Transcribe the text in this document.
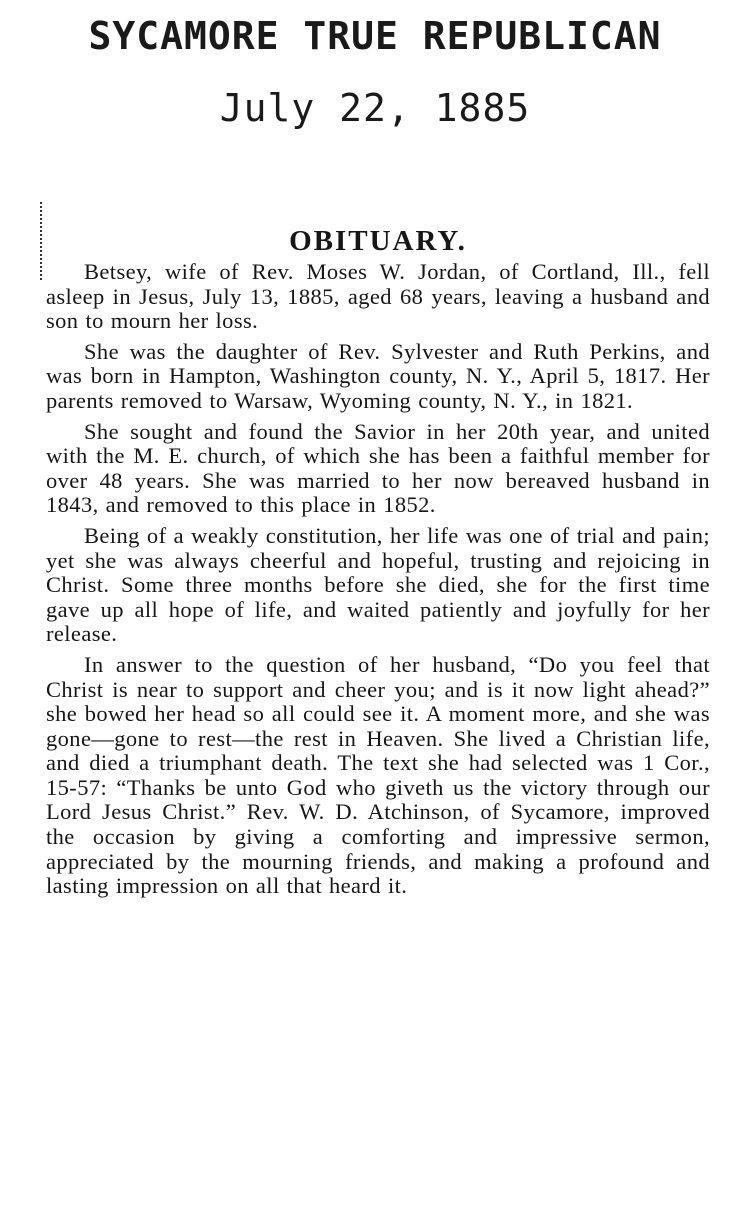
SYCAMORE TRUE REPUBLICAN
July 22, 1885
OBITUARY.

Betsey, wife of Rev. Moses W. Jordan, of Cortland, Ill., fell asleep in Jesus, July 13, 1885, aged 68 years, leaving a husband and son to mourn her loss.

She was the daughter of Rev. Sylvester and Ruth Perkins, and was born in Hampton, Washington county, N. Y., April 5, 1817. Her parents removed to Warsaw, Wyoming county, N. Y., in 1821.

She sought and found the Savior in her 20th year, and united with the M. E. church, of which she has been a faithful member for over 48 years. She was married to her now bereaved husband in 1843, and removed to this place in 1852.

Being of a weakly constitution, her life was one of trial and pain; yet she was always cheerful and hopeful, trusting and rejoicing in Christ. Some three months before she died, she for the first time gave up all hope of life, and waited patiently and joyfully for her release.

In answer to the question of her husband, “Do you feel that Christ is near to support and cheer you; and is it now light ahead?” she bowed her head so all could see it. A moment more, and she was gone—gone to rest—the rest in Heaven. She lived a Christian life, and died a triumphant death. The text she had selected was 1 Cor., 15-57: “Thanks be unto God who giveth us the victory through our Lord Jesus Christ.” Rev. W. D. Atchinson, of Sycamore, improved the occasion by giving a comforting and impressive sermon, appreciated by the mourning friends, and making a profound and lasting impression on all that heard it.
